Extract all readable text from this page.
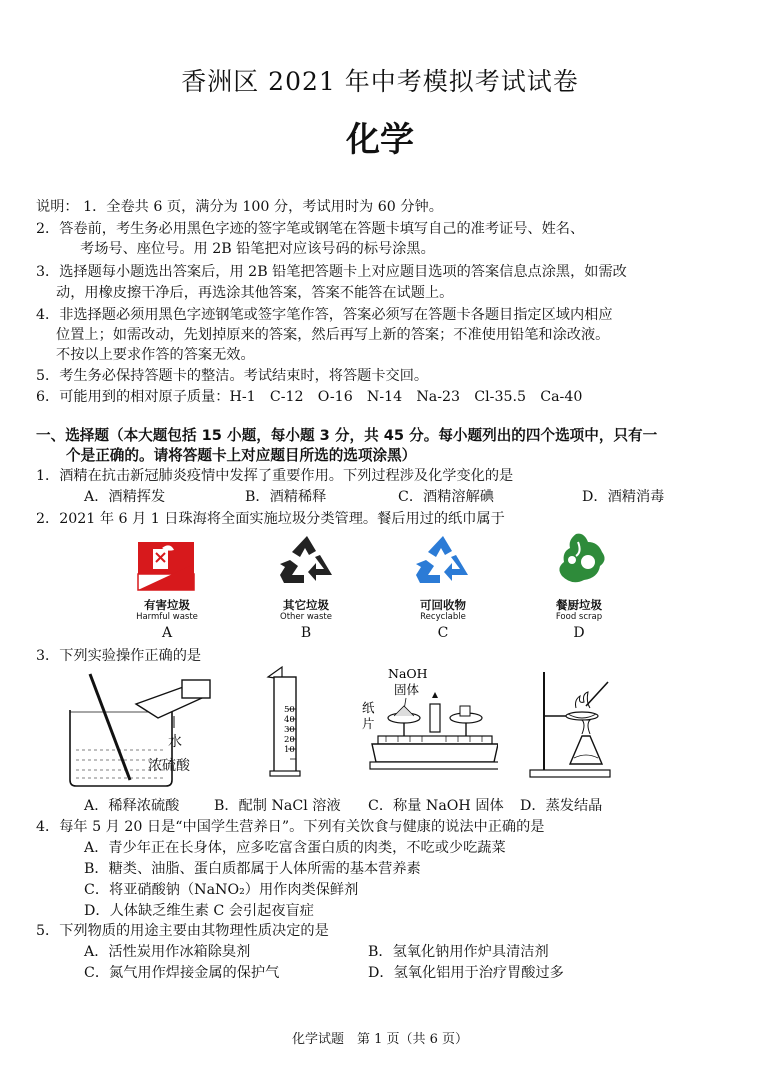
香洲区 2021 年中考模拟考试试卷
化学
说明： 1．全卷共 6 页，满分为 100 分，考试用时为 60 分钟。
2．答卷前，考生务必用黑色字迹的签字笔或钢笔在答题卡填写自己的准考证号、姓名、
考场号、座位号。用 2B 铅笔把对应该号码的标号涂黑。
3．选择题每小题选出答案后，用 2B 铅笔把答题卡上对应题目选项的答案信息点涂黑，如需改
动，用橡皮擦干净后，再选涂其他答案，答案不能答在试题上。
4．非选择题必须用黑色字迹钢笔或签字笔作答，答案必须写在答题卡各题目指定区域内相应
位置上；如需改动，先划掉原来的答案，然后再写上新的答案；不准使用铅笔和涂改液。
不按以上要求作答的答案无效。
5．考生务必保持答题卡的整洁。考试结束时，将答题卡交回。
6．可能用到的相对原子质量：H-1　C-12　O-16　N-14　Na-23　Cl-35.5　Ca-40
一、选择题（本大题包括 15 小题，每小题 3 分，共 45 分。每小题列出的四个选项中，只有一
个是正确的。请将答题卡上对应题目所选的选项涂黑）
1．酒精在抗击新冠肺炎疫情中发挥了重要作用。下列过程涉及化学变化的是
A．酒精挥发	B．酒精稀释	C．酒精溶解碘	D．酒精消毒
2．2021 年 6 月 1 日珠海将全面实施垃圾分类管理。餐后用过的纸巾属于
有害垃圾
Harmful waste
A
其它垃圾
Other waste
B
可回收物
Recyclable
C
餐厨垃圾
Food scrap
D
3．下列实验操作正确的是
水
浓硫酸
50
40
30
20
10
NaOH
固体
纸
片
A．稀释浓硫酸 B．配制 NaCl 溶液 C．称量 NaOH 固体 D．蒸发结晶
4．每年 5 月 20 日是“中国学生营养日”。下列有关饮食与健康的说法中正确的是
A．青少年正在长身体，应多吃富含蛋白质的肉类，不吃或少吃蔬菜
B．糖类、油脂、蛋白质都属于人体所需的基本营养素
C．将亚硝酸钠（NaNO₂）用作肉类保鲜剂
D．人体缺乏维生素 C 会引起夜盲症
5．下列物质的用途主要由其物理性质决定的是
A．活性炭用作冰箱除臭剂	B．氢氧化钠用作炉具清洁剂
C．氮气用作焊接金属的保护气	D．氢氧化铝用于治疗胃酸过多
化学试题　第 1 页（共 6 页）
